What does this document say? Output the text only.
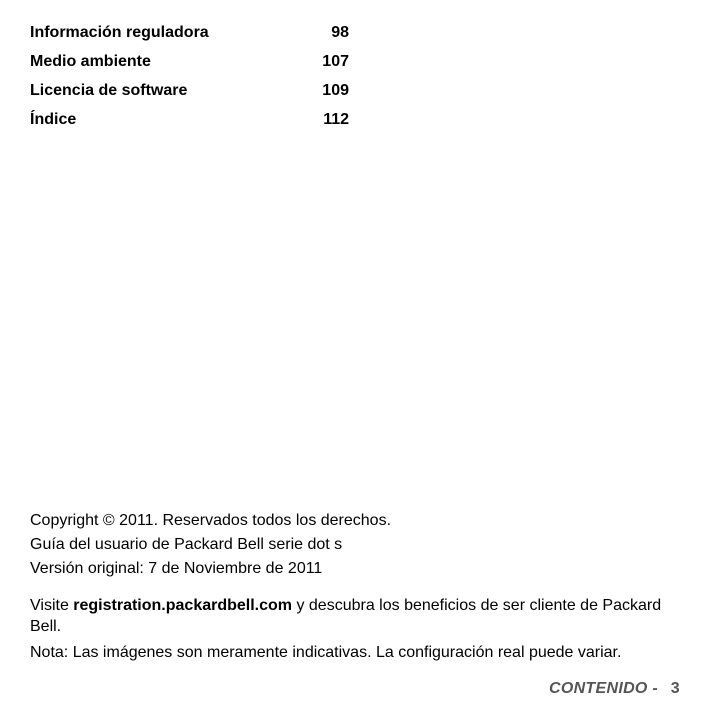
Información reguladora	98
Medio ambiente	107
Licencia de software	109
Índice	112

Copyright © 2011. Reservados todos los derechos.

Guía del usuario de Packard Bell serie dot s

Versión original: 7 de Noviembre de 2011

Visite registration.packardbell.com y descubra los beneficios de ser cliente de Packard Bell.

Nota: Las imágenes son meramente indicativas. La configuración real puede variar.

CONTENIDO - 3
